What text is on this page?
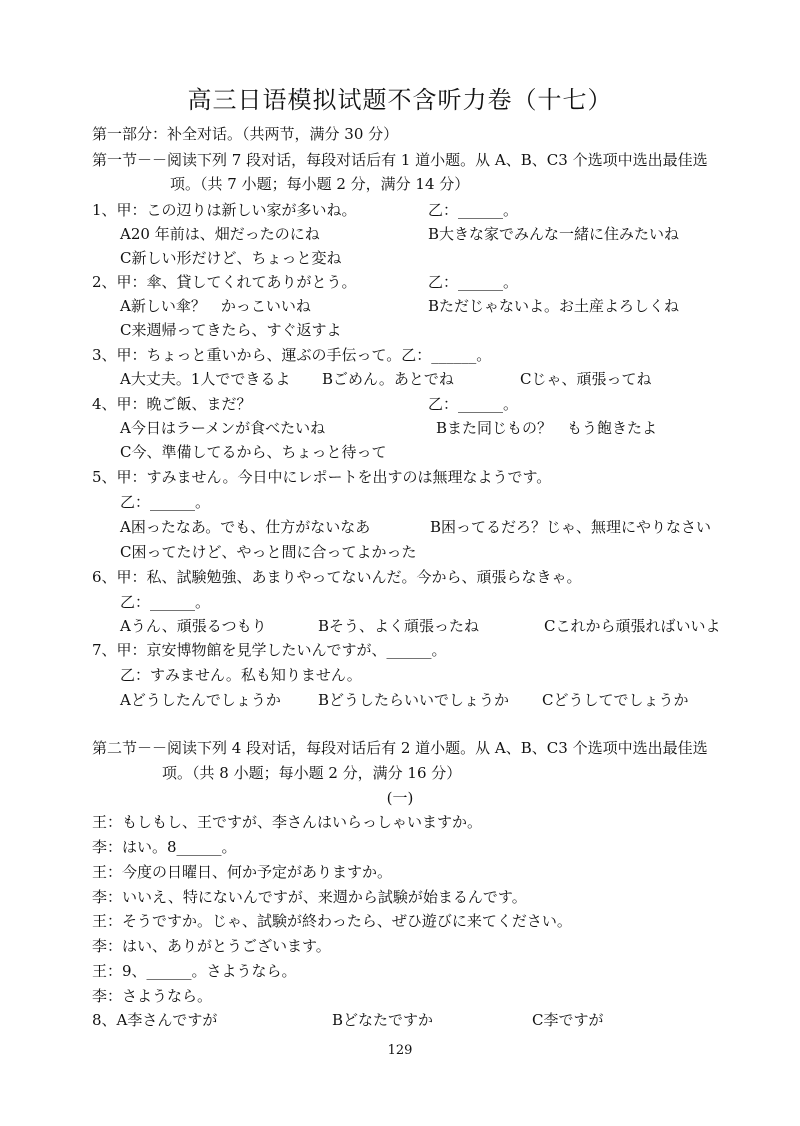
高三日语模拟试题不含听力卷（十七）
第一部分：补全对话。（共两节，满分 30 分）
第一节－－阅读下列 7 段对话，每段对话后有 1 道小题。从 A、B、C3 个选项中选出最佳选
项。（共 7 小题；每小题 2 分，满分 14 分）
1、甲：この辺りは新しい家が多いね。	乙：______。
A20 年前は、畑だったのにね	B大きな家でみんな一緒に住みたいね
C新しい形だけど、ちょっと変ね
2、甲：傘、貸してくれてありがとう。	乙：______。
A新しい傘？　かっこいいね	Bただじゃないよ。お土産よろしくね
C来週帰ってきたら、すぐ返すよ
3、甲：ちょっと重いから、運ぶの手伝って。乙：______。
A大丈夫。1人でできるよ Bごめん。あとでね	Cじゃ、頑張ってね
4、甲：晩ご飯、まだ？	乙：______。
A今日はラーメンが食べたいね	Bまた同じもの？　もう飽きたよ
C今、準備してるから、ちょっと待って
5、甲：すみません。今日中にレポートを出すのは無理なようです。
乙：______。
A困ったなあ。でも、仕方がないなあ	B困ってるだろ？じゃ、無理にやりなさい
C困ってたけど、やっと間に合ってよかった
6、甲：私、試験勉強、あまりやってないんだ。今から、頑張らなきゃ。
乙：______。
Aうん、頑張るつもり	Bそう、よく頑張ったね	Cこれから頑張ればいいよ
7、甲：京安博物館を見学したいんですが、______。
乙：すみません。私も知りません。
Aどうしたんでしょうか Bどうしたらいいでしょうか Cどうしてでしょうか
第二节－－阅读下列 4 段对话，每段对话后有 2 道小题。从 A、B、C3 个选项中选出最佳选
项。（共 8 小题；每小题 2 分，满分 16 分）
(一)
王：もしもし、王ですが、李さんはいらっしゃいますか。
李：はい。8______。
王：今度の日曜日、何か予定がありますか。
李：いいえ、特にないんですが、来週から試験が始まるんです。
王：そうですか。じゃ、試験が終わったら、ぜひ遊びに来てください。
李：はい、ありがとうございます。
王：9、______。さようなら。
李：さようなら。
8、A李さんですが	Bどなたですか	C李ですが
129
